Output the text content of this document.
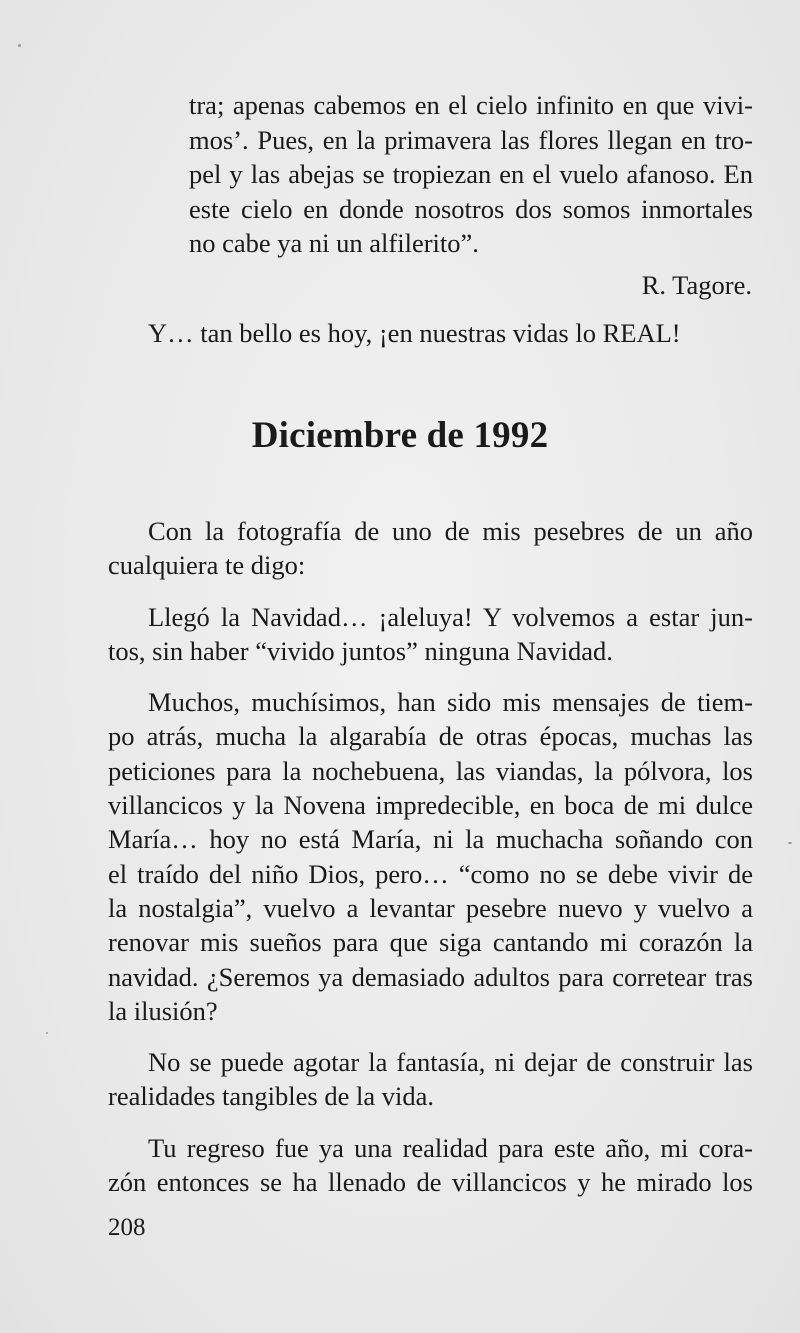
tra; apenas cabemos en el cielo infinito en que vivi-
mos’. Pues, en la primavera las flores llegan en tro-
pel y las abejas se tropiezan en el vuelo afanoso. En
este cielo en donde nosotros dos somos inmortales
no cabe ya ni un alfilerito”.
R. Tagore.
Y… tan bello es hoy, ¡en nuestras vidas lo REAL!
Diciembre de 1992

Con la fotografía de uno de mis pesebres de un año
cualquiera te digo:

Llegó la Navidad… ¡aleluya! Y volvemos a estar jun-
tos, sin haber “vivido juntos” ninguna Navidad.

Muchos, muchísimos, han sido mis mensajes de tiem-
po atrás, mucha la algarabía de otras épocas, muchas las
peticiones para la nochebuena, las viandas, la pólvora, los
villancicos y la Novena impredecible, en boca de mi dulce
María… hoy no está María, ni la muchacha soñando con
el traído del niño Dios, pero… “como no se debe vivir de
la nostalgia”, vuelvo a levantar pesebre nuevo y vuelvo a
renovar mis sueños para que siga cantando mi corazón la
navidad. ¿Seremos ya demasiado adultos para corretear tras
la ilusión?

No se puede agotar la fantasía, ni dejar de construir las
realidades tangibles de la vida.

Tu regreso fue ya una realidad para este año, mi cora-
zón entonces se ha llenado de villancicos y he mirado los

208
